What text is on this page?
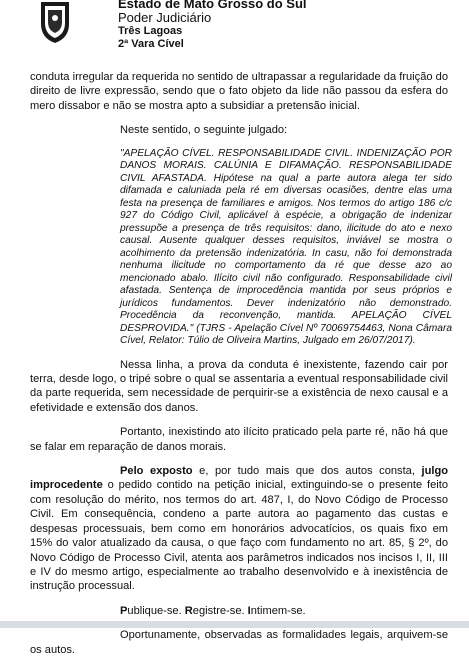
Estado de Mato Grosso do Sul
Poder Judiciário
Três Lagoas
2ª Vara Cível

conduta irregular da requerida no sentido de ultrapassar a regularidade da fruição do direito de livre expressão, sendo que o fato objeto da lide não passou da esfera do mero dissabor e não se mostra apto a subsidiar a pretensão inicial.

Neste sentido, o seguinte julgado:

"APELAÇÃO CÍVEL. RESPONSABILIDADE CIVIL. INDENIZAÇÃO POR DANOS MORAIS. CALÚNIA E DIFAMAÇÃO. RESPONSABILIDADE CIVIL AFASTADA. Hipótese na qual a parte autora alega ter sido difamada e caluniada pela ré em diversas ocasiões, dentre elas uma festa na presença de familiares e amigos. Nos termos do artigo 186 c/c 927 do Código Civil, aplicável à espécie, a obrigação de indenizar pressupõe a presença de três requisitos: dano, ilicitude do ato e nexo causal. Ausente qualquer desses requisitos, inviável se mostra o acolhimento da pretensão indenizatória. In casu, não foi demonstrada nenhuma ilicitude no comportamento da ré que desse azo ao mencionado abalo. Ilícito civil não configurado. Responsabilidade civil afastada. Sentença de improcedência mantida por seus próprios e jurídicos fundamentos. Dever indenizatório não demonstrado. Procedência da reconvenção, mantida. APELAÇÃO CÍVEL DESPROVIDA." (TJRS - Apelação Cível Nº 70069754463, Nona Câmara Cível, Relator: Túlio de Oliveira Martins, Julgado em 26/07/2017).

Nessa linha, a prova da conduta é inexistente, fazendo cair por terra, desde logo, o tripé sobre o qual se assentaria a eventual responsabilidade civil da parte requerida, sem necessidade de perquirir-se a existência de nexo causal e a efetividade e extensão dos danos.

Portanto, inexistindo ato ilícito praticado pela parte ré, não há que se falar em reparação de danos morais.

Pelo exposto e, por tudo mais que dos autos consta, julgo improcedente o pedido contido na petição inicial, extinguindo-se o presente feito com resolução do mérito, nos termos do art. 487, I, do Novo Código de Processo Civil. Em consequência, condeno a parte autora ao pagamento das custas e despesas processuais, bem como em honorários advocatícios, os quais fixo em 15% do valor atualizado da causa, o que faço com fundamento no art. 85, § 2º, do Novo Código de Processo Civil, atenta aos parâmetros indicados nos incisos I, II, III e IV do mesmo artigo, especialmente ao trabalho desenvolvido e à inexistência de instrução processual.

Publique-se. Registre-se. Intimem-se.

Oportunamente, observadas as formalidades legais, arquivem-se os autos.
